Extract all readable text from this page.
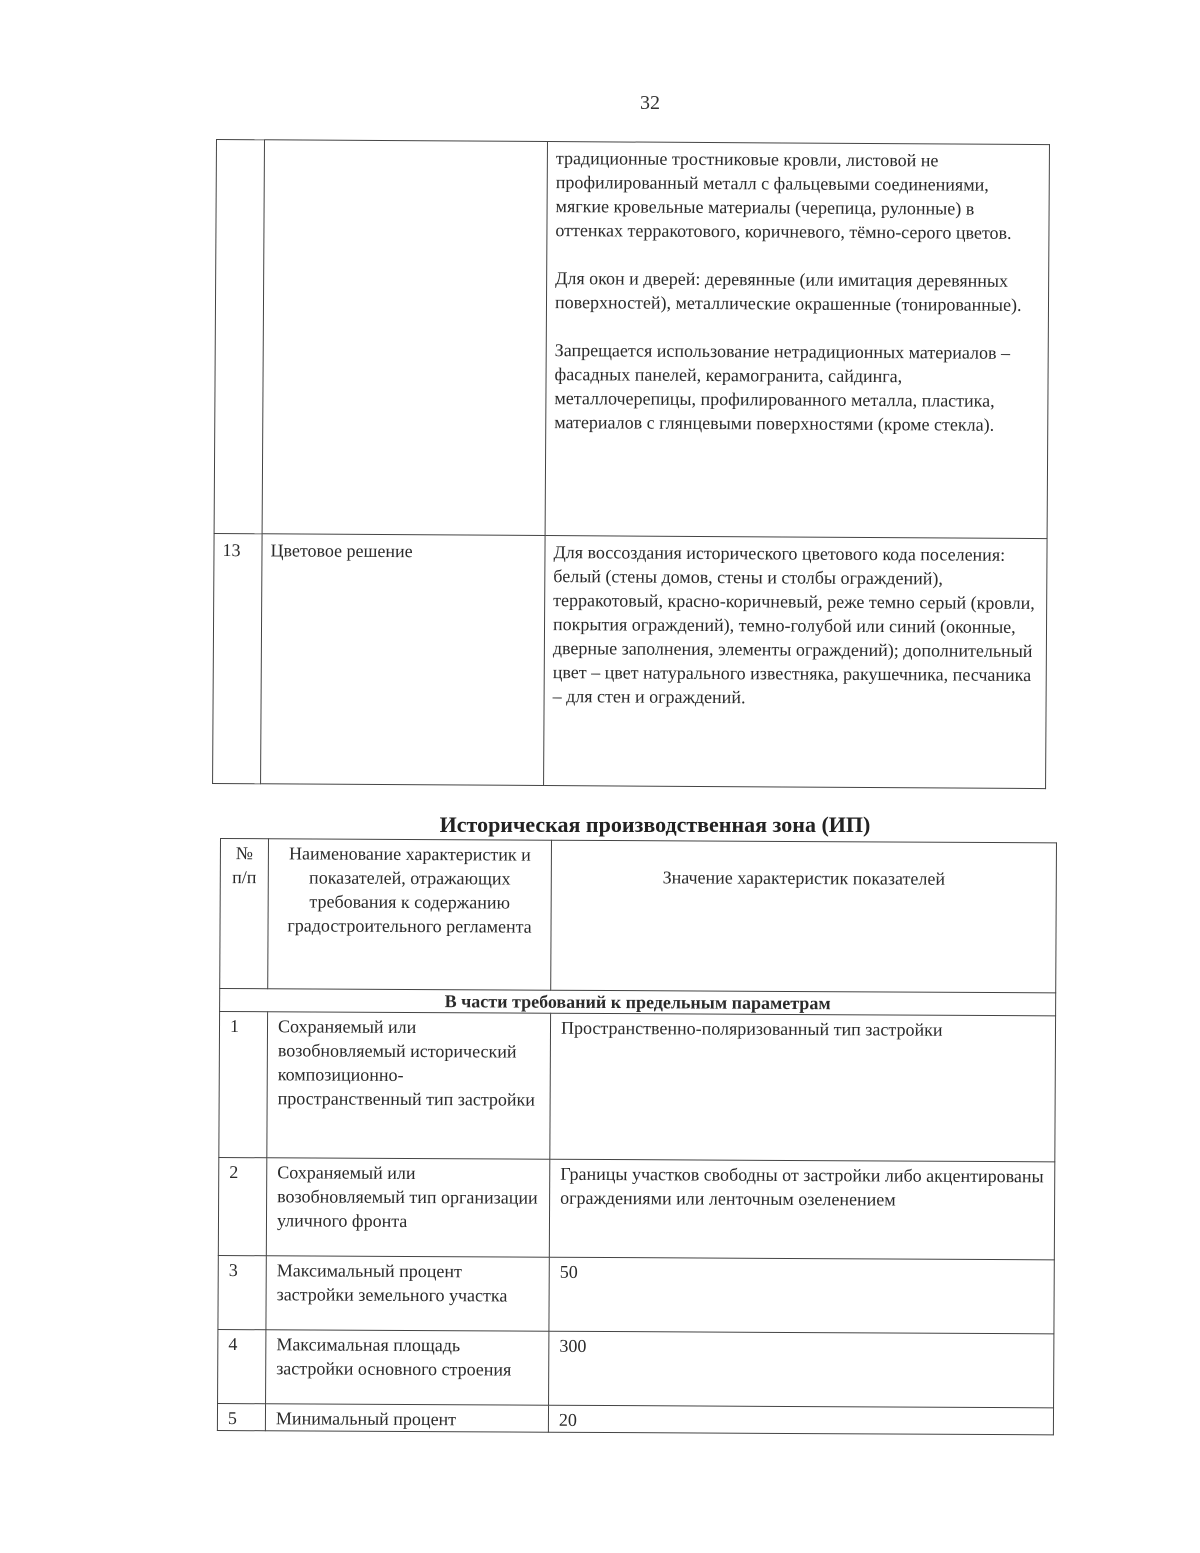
32

		традиционные тростниковые кровли, листовой не профилированный металл с фальцевыми соединениями, мягкие кровельные материалы (черепица, рулонные) в оттенках терракотового, коричневого, тёмно-серого цветов.

Для окон и дверей: деревянные (или имитация деревянных поверхностей), металлические окрашенные (тонированные).

Запрещается использование нетрадиционных материалов – фасадных панелей, керамогранита, сайдинга, металлочерепицы, профилированного металла, пластика, материалов с глянцевыми поверхностями (кроме стекла).

13	Цветовое решение	Для воссоздания исторического цветового кода поселения:
белый (стены домов, стены и столбы ограждений), терракотовый, красно-коричневый, реже темно серый (кровли, покрытия ограждений), темно-голубой или синий (оконные, дверные заполнения, элементы ограждений); дополнительный цвет – цвет натурального известняка, ракушечника, песчаника – для стен и ограждений.

Историческая производственная зона (ИП)
№
п/п	Наименование характеристик и показателей, отражающих требования к содержанию градостроительного регламента	Значение характеристик показателей
В части требований к предельным параметрам		
1	Сохраняемый или возобновляемый исторический композиционно-пространственный тип застройки	Пространственно-поляризованный тип застройки
2	Сохраняемый или возобновляемый тип организации уличного фронта	Границы участков свободны от застройки либо акцентированы ограждениями или ленточным озеленением
3	Максимальный процент застройки земельного участка	50
4	Максимальная площадь застройки основного строения	300
5	Минимальный процент	20
